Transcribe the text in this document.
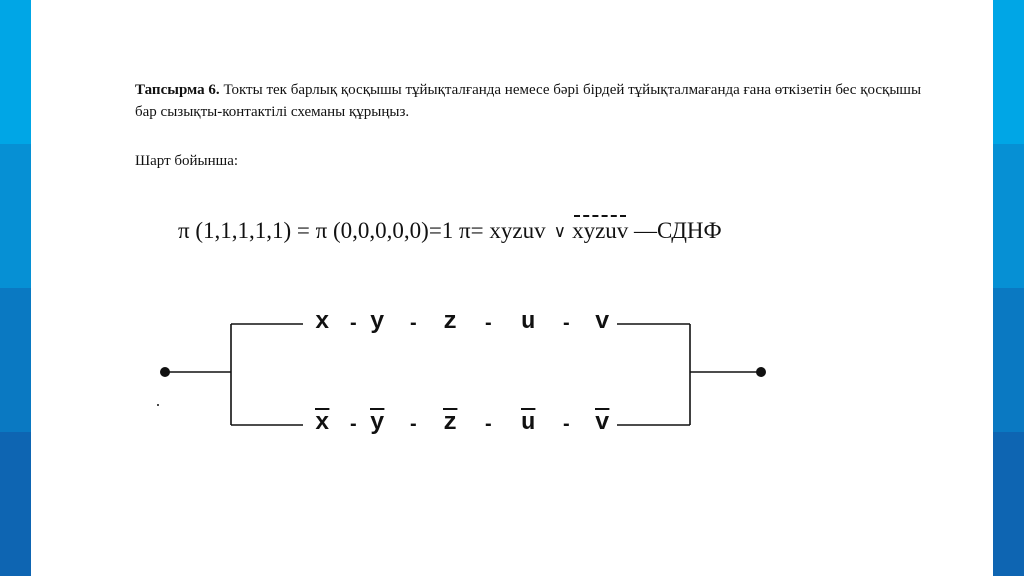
Тапсырма 6. Токты тек барлық қосқышы тұйықталғанда немесе бәрі бірдей тұйықталмағанда ғана өткізетін бес қосқышы бар сызықты-контактілі схеманы құрыңыз.

Шарт бойынша:

π (1,1,1,1,1) = π (0,0,0,0,0)=1 π= xyzuv ∨ xyzuv —СДНФ
x - y - z - u - v
$\overline{x} - \overline{y} - \overline{z} - \overline{u} - \overline{v}$
